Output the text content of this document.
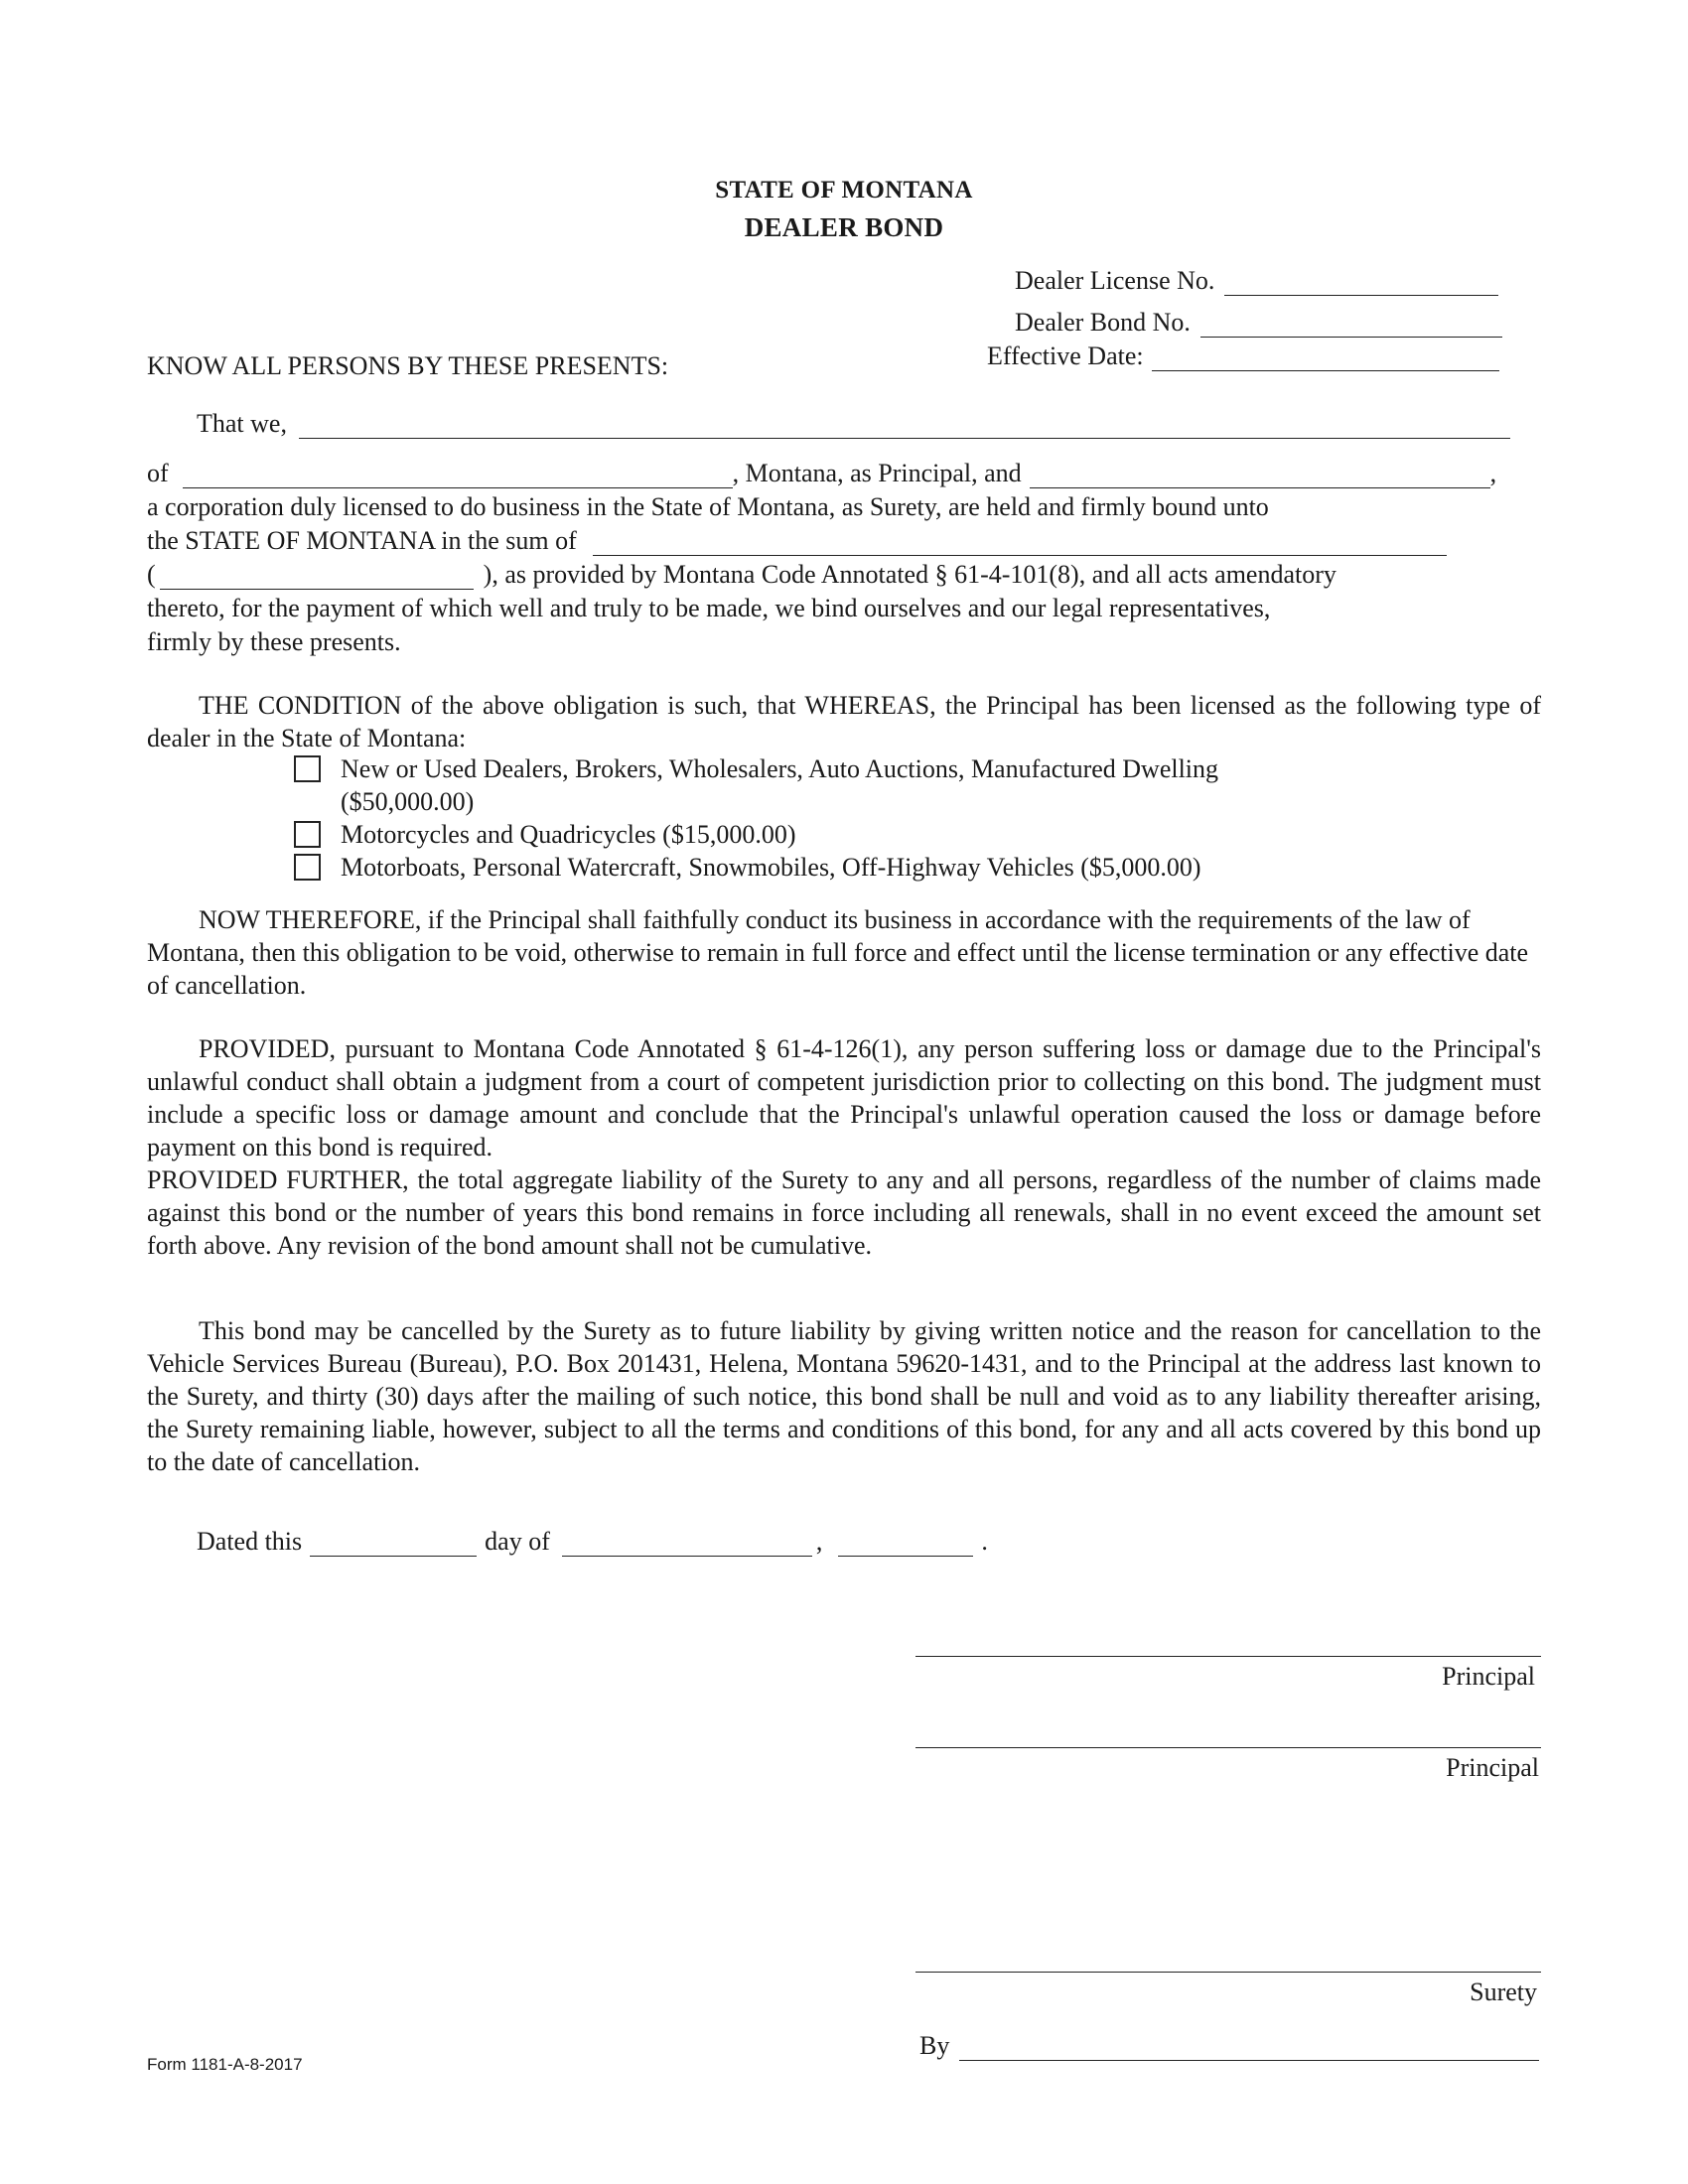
STATE OF MONTANA
DEALER BOND
Dealer License No.
Dealer Bond No.
Effective Date:
KNOW ALL PERSONS BY THESE PRESENTS:
That we,
of	, Montana, as Principal, and	,
a corporation duly licensed to do business in the State of Montana, as Surety, are held and firmly bound unto
the STATE OF MONTANA in the sum of
(	), as provided by Montana Code Annotated § 61-4-101(8), and all acts amendatory
thereto, for the payment of which well and truly to be made, we bind ourselves and our legal representatives,
firmly by these presents.

THE CONDITION of the above obligation is such, that WHEREAS, the Principal has been licensed as the following type of dealer in the State of Montana:

New or Used Dealers, Brokers, Wholesalers, Auto Auctions, Manufactured Dwelling
($50,000.00)
Motorcycles and Quadricycles ($15,000.00)
Motorboats, Personal Watercraft, Snowmobiles, Off-Highway Vehicles ($5,000.00)

NOW THEREFORE, if the Principal shall faithfully conduct its business in accordance with the requirements of the law of Montana, then this obligation to be void, otherwise to remain in full force and effect until the license termination or any effective date of cancellation.

PROVIDED, pursuant to Montana Code Annotated § 61-4-126(1), any person suffering loss or damage due to the Principal's unlawful conduct shall obtain a judgment from a court of competent jurisdiction prior to collecting on this bond. The judgment must include a specific loss or damage amount and conclude that the Principal's unlawful operation caused the loss or damage before payment on this bond is required.

PROVIDED FURTHER, the total aggregate liability of the Surety to any and all persons, regardless of the number of claims made against this bond or the number of years this bond remains in force including all renewals, shall in no event exceed the amount set forth above. Any revision of the bond amount shall not be cumulative.

This bond may be cancelled by the Surety as to future liability by giving written notice and the reason for cancellation to the Vehicle Services Bureau (Bureau), P.O. Box 201431, Helena, Montana 59620-1431, and to the Principal at the address last known to the Surety, and thirty (30) days after the mailing of such notice, this bond shall be null and void as to any liability thereafter arising, the Surety remaining liable, however, subject to all the terms and conditions of this bond, for any and all acts covered by this bond up to the date of cancellation.

Dated this	day of	,	.
Principal
Principal
Surety
By
Form 1181-A-8-2017
